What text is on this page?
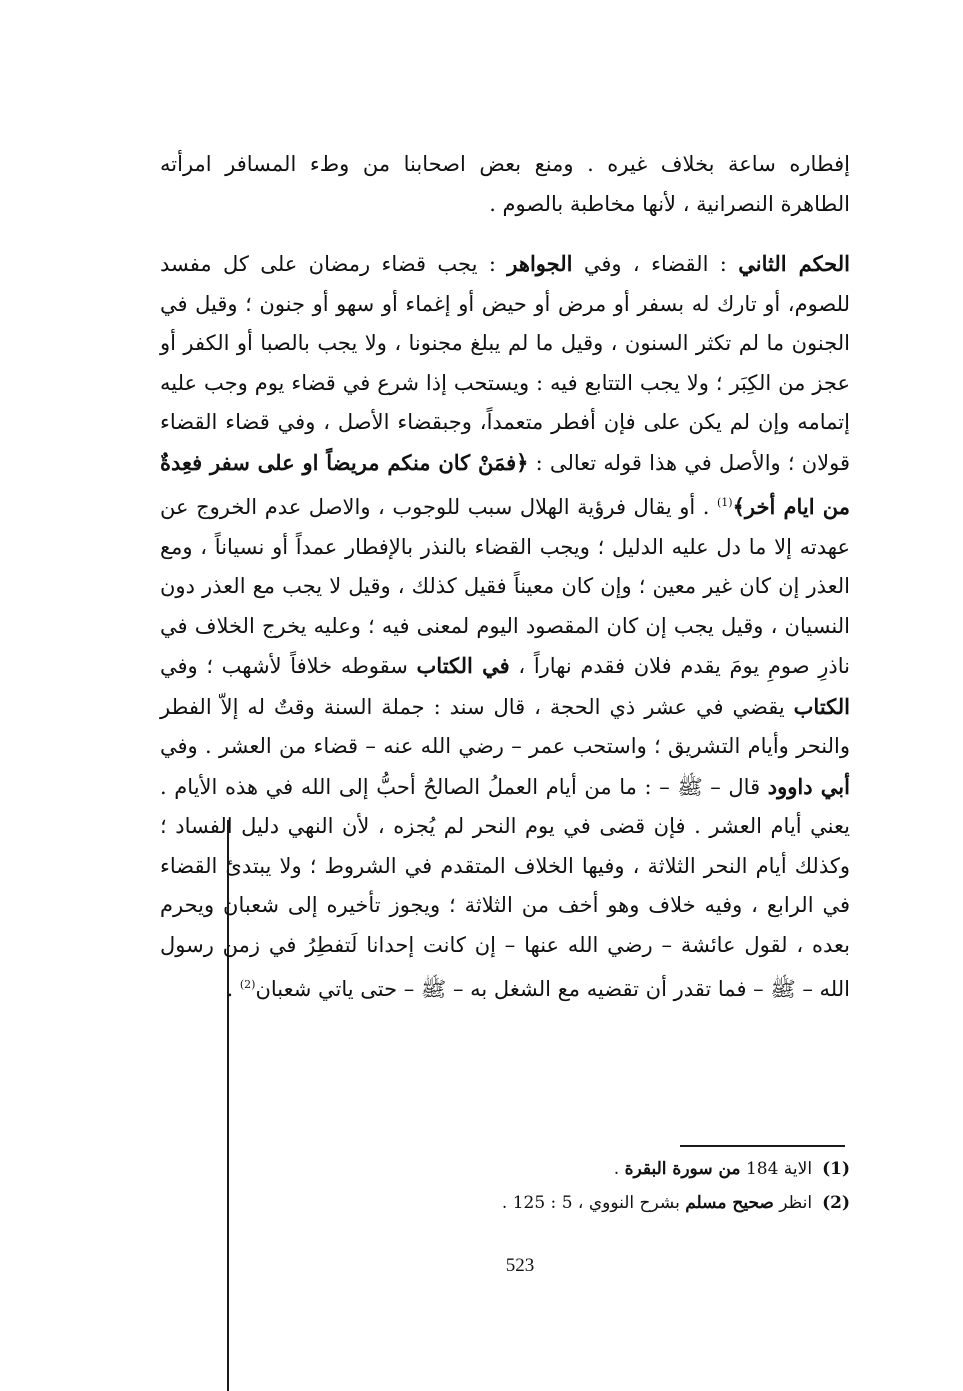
إفطاره ساعة بخلاف غيره . ومنع بعض اصحابنا من وطء المسافر امرأته الطاهرة النصرانية ، لأنها مخاطبة بالصوم .

الحكم الثاني : القضاء ، وفي الجواهر : يجب قضاء رمضان على كل مفسد للصوم، أو تارك له بسفر أو مرض أو حيض أو إغماء أو سهو أو جنون ؛ وقيل في الجنون ما لم تكثر السنون ، وقيل ما لم يبلغ مجنونا ، ولا يجب بالصبا أو الكفر أو عجز من الكِبَر ؛ ولا يجب التتابع فيه : ويستحب إذا شرع في قضاء يوم وجب عليه إتمامه وإن لم يكن على فإن أفطر متعمداً، وجبقضاء الأصل ، وفي قضاء القضاء قولان ؛ والأصل في هذا قوله تعالى : ﴿فمَنْ كان منكم مريضاً او على سفر فعِدةٌ من ايام أخر﴾$^{(1)}$ . أو يقال فرؤية الهلال سبب للوجوب ، والاصل عدم الخروج عن عهدته إلا ما دل عليه الدليل ؛ ويجب القضاء بالنذر بالإفطار عمداً أو نسياناً ، ومع العذر إن كان غير معين ؛ وإن كان معيناً فقيل كذلك ، وقيل لا يجب مع العذر دون النسيان ، وقيل يجب إن كان المقصود اليوم لمعنى فيه ؛ وعليه يخرج الخلاف في ناذرِ صومِ يومَ يقدم فلان فقدم نهاراً ، في الكتاب سقوطه خلافاً لأشهب ؛ وفي الكتاب يقضي في عشر ذي الحجة ، قال سند : جملة السنة وقتٌ له إلاّ الفطر والنحر وأيام التشريق ؛ واستحب عمر – رضي الله عنه – قضاء من العشر . وفي أبي داوود قال – ﷺ – : ما من أيام العملُ الصالحُ أحبُّ إلى الله في هذه الأيام . يعني أيام العشر . فإن قضى في يوم النحر لم يُجزه ، لأن النهي دليل الفساد ؛ وكذلك أيام النحر الثلاثة ، وفيها الخلاف المتقدم في الشروط ؛ ولا يبتدئ القضاء في الرابع ، وفيه خلاف وهو أخف من الثلاثة ؛ ويجوز تأخيره إلى شعبان ويحرم بعده ، لقول عائشة – رضي الله عنها – إن كانت إحدانا لَتفطِرُ في زمن رسول الله – ﷺ – فما تقدر أن تقضيه مع الشغل به – ﷺ – حتى ياتي شعبان$^{(2)}$ .

(1)الاية 184 من سورة البقرة .

(2)انظر صحيح مسلم بشرح النووي ، 5 : 125 .

523
